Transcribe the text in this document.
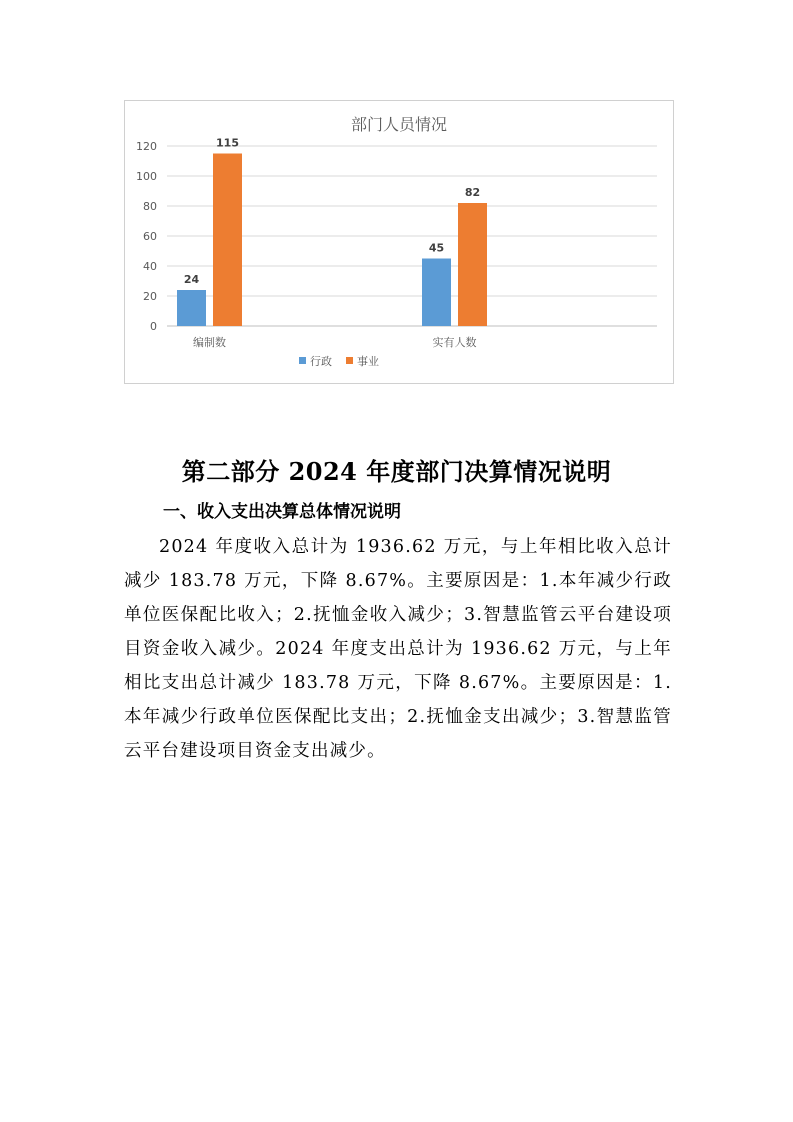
部门人员情况
0
20
40
60
80
100
120
24
115
编制数
45
82
实有人数
行政 事业
第二部分 2024 年度部门决算情况说明
一、收入支出决算总体情况说明
2024 年度收入总计为 1936.62 万元，与上年相比收入总计减少 183.78 万元，下降 8.67%。主要原因是：1.本年减少行政单位医保配比收入；2.抚恤金收入减少；3.智慧监管云平台建设项目资金收入减少。2024 年度支出总计为 1936.62 万元，与上年相比支出总计减少 183.78 万元，下降 8.67%。主要原因是：1.本年减少行政单位医保配比支出；2.抚恤金支出减少；3.智慧监管云平台建设项目资金支出减少。
